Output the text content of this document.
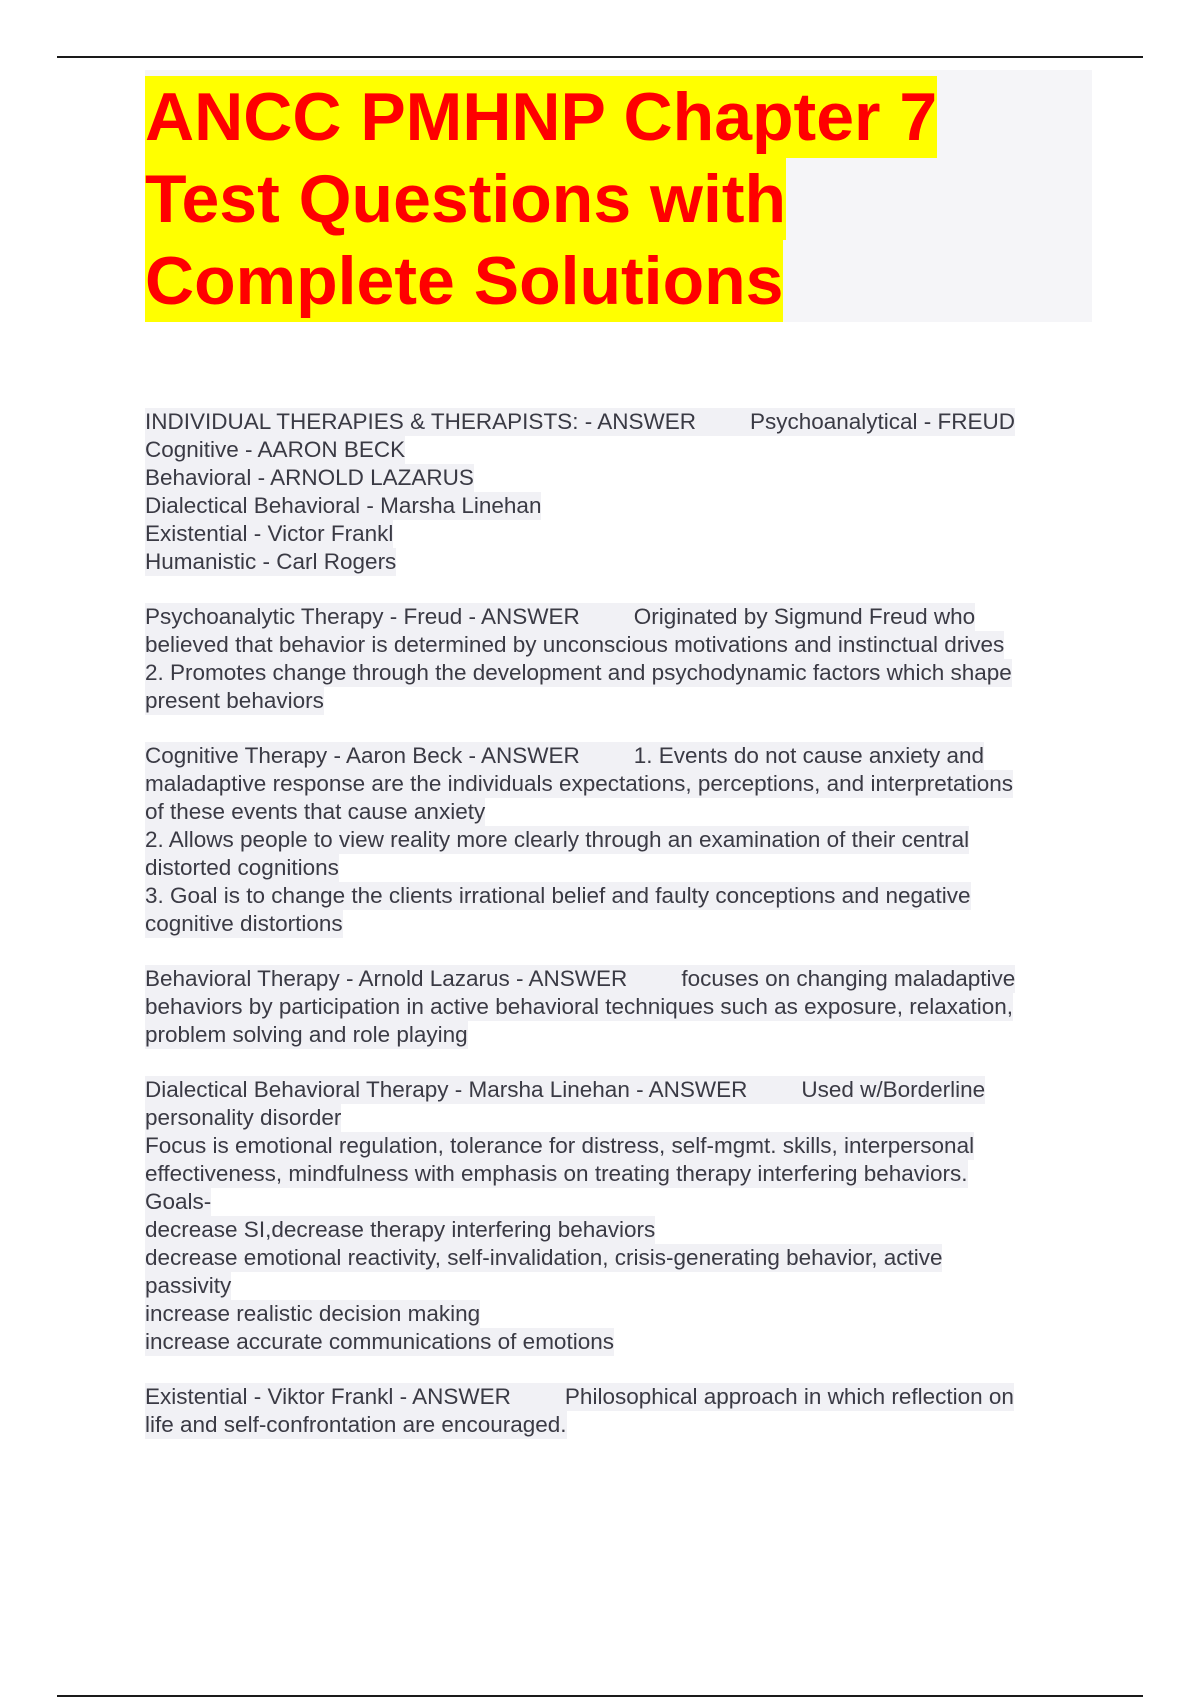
ANCC PMHNP Chapter 7
Test Questions with
Complete Solutions
INDIVIDUAL THERAPIES & THERAPISTS: - ANSWER Psychoanalytical - FREUD
Cognitive - AARON BECK
Behavioral - ARNOLD LAZARUS
Dialectical Behavioral - Marsha Linehan
Existential - Victor Frankl
Humanistic - Carl Rogers
Psychoanalytic Therapy - Freud - ANSWER Originated by Sigmund Freud who
believed that behavior is determined by unconscious motivations and instinctual drives
2. Promotes change through the development and psychodynamic factors which shape
present behaviors
Cognitive Therapy - Aaron Beck - ANSWER 1. Events do not cause anxiety and
maladaptive response are the individuals expectations, perceptions, and interpretations
of these events that cause anxiety
2. Allows people to view reality more clearly through an examination of their central
distorted cognitions
3. Goal is to change the clients irrational belief and faulty conceptions and negative
cognitive distortions
Behavioral Therapy - Arnold Lazarus - ANSWER focuses on changing maladaptive
behaviors by participation in active behavioral techniques such as exposure, relaxation,
problem solving and role playing
Dialectical Behavioral Therapy - Marsha Linehan - ANSWER Used w/Borderline
personality disorder
Focus is emotional regulation, tolerance for distress, self-mgmt. skills, interpersonal
effectiveness, mindfulness with emphasis on treating therapy interfering behaviors.
Goals-
decrease SI,decrease therapy interfering behaviors
decrease emotional reactivity, self-invalidation, crisis-generating behavior, active
passivity
increase realistic decision making
increase accurate communications of emotions
Existential - Viktor Frankl - ANSWER Philosophical approach in which reflection on
life and self-confrontation are encouraged.
